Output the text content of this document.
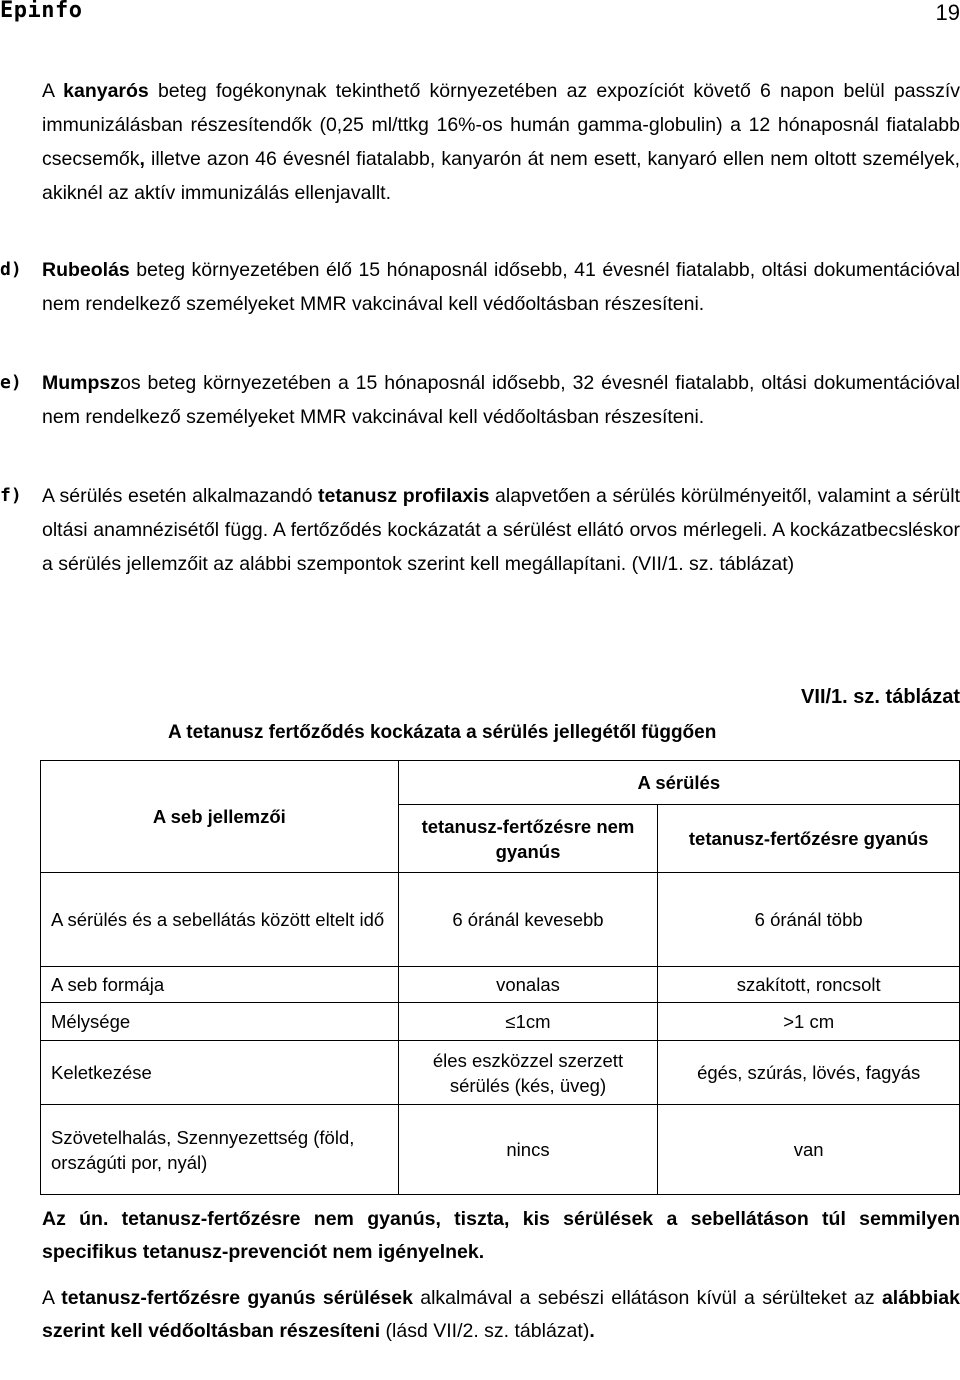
Epinfo	19
A kanyarós beteg fogékonynak tekinthető környezetében az expozíciót követő 6 napon belül passzív immunizálásban részesítendők (0,25 ml/ttkg 16%-os humán gamma-globulin) a 12 hónaposnál fiatalabb csecsemők, illetve azon 46 évesnél fiatalabb, kanyarón át nem esett, kanyaró ellen nem oltott személyek, akiknél az aktív immunizálás ellenjavallt.
d) Rubeolás beteg környezetében élő 15 hónaposnál idősebb, 41 évesnél fiatalabb, oltási dokumentációval nem rendelkező személyeket MMR vakcinával kell védőoltásban részesíteni.
e) Mumpszos beteg környezetében a 15 hónaposnál idősebb, 32 évesnél fiatalabb, oltási dokumentációval nem rendelkező személyeket MMR vakcinával kell védőoltásban részesíteni.
f) A sérülés esetén alkalmazandó tetanusz profilaxis alapvetően a sérülés körülményeitől, valamint a sérült oltási anamnézisétől függ. A fertőződés kockázatát a sérülést ellátó orvos mérlegeli. A kockázatbecsléskor a sérülés jellemzőit az alábbi szempontok szerint kell megállapítani. (VII/1. sz. táblázat)
VII/1. sz. táblázat
A tetanusz fertőződés kockázata a sérülés jellegétől függően
A seb jellemzői	A sérülés	
	tetanusz-fertőzésre nem gyanús	tetanusz-fertőzésre gyanús
A sérülés és a sebellátás között eltelt idő	6 óránál kevesebb	6 óránál több
A seb formája	vonalas	szakított, roncsolt
Mélysége	≤1cm	>1 cm
Keletkezése	éles eszközzel szerzett sérülés (kés, üveg)	égés, szúrás, lövés, fagyás
Szövetelhalás, Szennyezettség (föld, országúti por, nyál)	nincs	van
Az ún. tetanusz-fertőzésre nem gyanús, tiszta, kis sérülések a sebellátáson túl semmilyen specifikus tetanusz-prevenciót nem igényelnek.
A tetanusz-fertőzésre gyanús sérülések alkalmával a sebészi ellátáson kívül a sérülteket az alábbiak szerint kell védőoltásban részesíteni (lásd VII/2. sz. táblázat).
